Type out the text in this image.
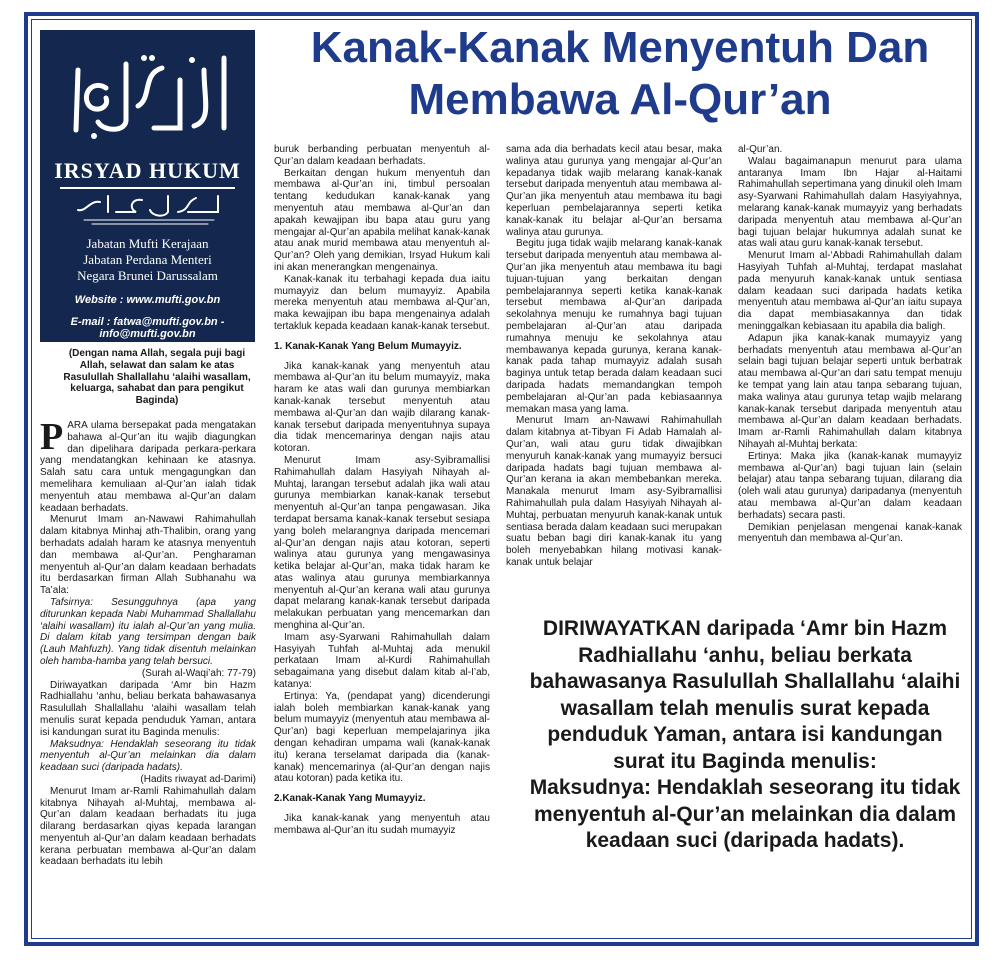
IRSYAD HUKUM
Jabatan Mufti Kerajaan
Jabatan Perdana Menteri
Negara Brunei Darussalam
Website : www.mufti.gov.bn
E-mail : fatwa@mufti.gov.bn - info@mufti.gov.bn
Kanak-Kanak Menyentuh Dan Membawa Al-Qur’an
(Dengan nama Allah, segala puji bagi Allah, selawat dan salam ke atas Rasulullah Shallallahu ‘alaihi wasallam, keluarga, sahabat dan para pengikut Baginda)

PARA ulama bersepakat pada mengatakan bahawa al-Qur’an itu wajib diagungkan dan dipelihara daripada perkara-perkara yang mendatangkan kehinaan ke atasnya. Salah satu cara untuk mengagungkan dan memelihara kemuliaan al-Qur’an ialah tidak menyentuh atau membawa al-Qur’an dalam keadaan berhadats.

Menurut Imam an-Nawawi Rahimahullah dalam kitabnya Minhaj ath-Thalibin, orang yang berhadats adalah haram ke atasnya menyentuh dan membawa al-Qur’an. Pengharaman menyentuh al-Qur’an dalam keadaan berhadats itu berdasarkan firman Allah Subhanahu wa Ta’ala:

Tafsirnya: Sesungguhnya (apa yang diturunkan kepada Nabi Muhammad Shallallahu ‘alaihi wasallam) itu ialah al-Qur’an yang mulia. Di dalam kitab yang tersimpan dengan baik (Lauh Mahfuzh). Yang tidak disentuh melainkan oleh hamba-hamba yang telah bersuci.

(Surah al-Waqi’ah: 77-79)

Diriwayatkan daripada ‘Amr bin Hazm Radhiallahu ‘anhu, beliau berkata bahawasanya Rasulullah Shallallahu ‘alaihi wasallam telah menulis surat kepada penduduk Yaman, antara isi kandungan surat itu Baginda menulis:

Maksudnya: Hendaklah seseorang itu tidak menyentuh al-Qur’an melainkan dia dalam keadaan suci (daripada hadats).

(Hadits riwayat ad-Darimi)

Menurut Imam ar-Ramli Rahimahullah dalam kitabnya Nihayah al-Muhtaj, membawa al-Qur’an dalam keadaan berhadats itu juga dilarang berdasarkan qiyas kepada larangan menyentuh al-Qur’an dalam keadaan berhadats kerana perbuatan membawa al-Qur’an dalam keadaan berhadats itu lebih

buruk berbanding perbuatan menyentuh al-Qur’an dalam keadaan berhadats.

Berkaitan dengan hukum menyentuh dan membawa al-Qur’an ini, timbul persoalan tentang kedudukan kanak-kanak yang menyentuh atau membawa al-Qur’an dan apakah kewajipan ibu bapa atau guru yang mengajar al-Qur’an apabila melihat kanak-kanak atau anak murid membawa atau menyentuh al-Qur’an? Oleh yang demikian, Irsyad Hukum kali ini akan menerangkan mengenainya.

Kanak-kanak itu terbahagi kepada dua iaitu mumayyiz dan belum mumayyiz. Apabila mereka menyentuh atau membawa al-Qur’an, maka kewajipan ibu bapa mengenainya adalah tertakluk kepada keadaan kanak-kanak tersebut.

1. Kanak-Kanak Yang Belum Mumayyiz.

Jika kanak-kanak yang menyentuh atau membawa al-Qur’an itu belum mumayyiz, maka haram ke atas wali dan gurunya membiarkan kanak-kanak tersebut menyentuh atau membawa al-Qur’an dan wajib dilarang kanak-kanak tersebut daripada menyentuhnya supaya dia tidak mencemarinya dengan najis atau kotoran.

Menurut Imam asy-Syibramallisi Rahimahullah dalam Hasyiyah Nihayah al-Muhtaj, larangan tersebut adalah jika wali atau gurunya membiarkan kanak-kanak tersebut menyentuh al-Qur’an tanpa pengawasan. Jika terdapat bersama kanak-kanak tersebut sesiapa yang boleh melarangnya daripada mencemari al-Qur’an dengan najis atau kotoran, seperti walinya atau gurunya yang mengawasinya ketika belajar al-Qur’an, maka tidak haram ke atas walinya atau gurunya membiarkannya menyentuh al-Qur’an kerana wali atau gurunya dapat melarang kanak-kanak tersebut daripada melakukan perbuatan yang mencemarkan dan menghina al-Qur’an.

Imam asy-Syarwani Rahimahullah dalam Hasyiyah Tuhfah al-Muhtaj ada menukil perkataan Imam al-Kurdi Rahimahullah sebagaimana yang disebut dalam kitab al-I’ab, katanya:

Ertinya: Ya, (pendapat yang) dicenderungi ialah boleh membiarkan kanak-kanak yang belum mumayyiz (menyentuh atau membawa al-Qur’an) bagi keperluan mempelajarinya jika dengan kehadiran umpama wali (kanak-kanak itu) kerana terselamat daripada dia (kanak-kanak) mencemarinya (al-Qur’an dengan najis atau kotoran) pada ketika itu.

2.Kanak-Kanak Yang Mumayyiz.

Jika kanak-kanak yang menyentuh atau membawa al-Qur’an itu sudah mumayyiz

sama ada dia berhadats kecil atau besar, maka walinya atau gurunya yang mengajar al-Qur’an kepadanya tidak wajib melarang kanak-kanak tersebut daripada menyentuh atau membawa al-Qur’an jika menyentuh atau membawa itu bagi keperluan pembelajarannya seperti ketika kanak-kanak itu belajar al-Qur’an bersama walinya atau gurunya.

Begitu juga tidak wajib melarang kanak-kanak tersebut daripada menyentuh atau membawa al-Qur’an jika menyentuh atau membawa itu bagi tujuan-tujuan yang berkaitan dengan pembelajarannya seperti ketika kanak-kanak tersebut membawa al-Qur’an daripada sekolahnya menuju ke rumahnya bagi tujuan pembelajaran al-Qur’an atau daripada rumahnya menuju ke sekolahnya atau membawanya kepada gurunya, kerana kanak-kanak pada tahap mumayyiz adalah susah baginya untuk tetap berada dalam keadaan suci daripada hadats memandangkan tempoh pembelajaran al-Qur’an pada kebiasaannya memakan masa yang lama.

Menurut Imam an-Nawawi Rahimahullah dalam kitabnya at-Tibyan Fi Adab Hamalah al-Qur’an, wali atau guru tidak diwajibkan menyuruh kanak-kanak yang mumayyiz bersuci daripada hadats bagi tujuan membawa al-Qur’an kerana ia akan membebankan mereka. Manakala menurut Imam asy-Syibramallisi Rahimahullah pula dalam Hasyiyah Nihayah al-Muhtaj, perbuatan menyuruh kanak-kanak untuk sentiasa berada dalam keadaan suci merupakan suatu beban bagi diri kanak-kanak itu yang boleh menyebabkan hilang motivasi kanak-kanak untuk belajar

al-Qur’an.

Walau bagaimanapun menurut para ulama antaranya Imam Ibn Hajar al-Haitami Rahimahullah sepertimana yang dinukil oleh Imam asy-Syarwani Rahimahullah dalam Hasyiyahnya, melarang kanak-kanak mumayyiz yang berhadats daripada menyentuh atau membawa al-Qur’an bagi tujuan belajar hukumnya adalah sunat ke atas wali atau guru kanak-kanak tersebut.

Menurut Imam al-‘Abbadi Rahimahullah dalam Hasyiyah Tuhfah al-Muhtaj, terdapat maslahat pada menyuruh kanak-kanak untuk sentiasa dalam keadaan suci daripada hadats ketika menyentuh atau membawa al-Qur’an iaitu supaya dia dapat membiasakannya dan tidak meninggalkan kebiasaan itu apabila dia baligh.

Adapun jika kanak-kanak mumayyiz yang berhadats menyentuh atau membawa al-Qur’an selain bagi tujuan belajar seperti untuk berbatrak atau membawa al-Qur’an dari satu tempat menuju ke tempat yang lain atau tanpa sebarang tujuan, maka walinya atau gurunya tetap wajib melarang kanak-kanak tersebut daripada menyentuh atau membawa al-Qur’an dalam keadaan berhadats. Imam ar-Ramli Rahimahullah dalam kitabnya Nihayah al-Muhtaj berkata:

Ertinya: Maka jika (kanak-kanak mumayyiz membawa al-Qur’an) bagi tujuan lain (selain belajar) atau tanpa sebarang tujuan, dilarang dia (oleh wali atau gurunya) daripadanya (menyentuh atau membawa al-Qur’an dalam keadaan berhadats) secara pasti.

Demikian penjelasan mengenai kanak-kanak menyentuh dan membawa al-Qur’an.

DIRIWAYATKAN daripada ‘Amr bin Hazm Radhiallahu ‘anhu, beliau berkata bahawasanya Rasulullah Shallallahu ‘alaihi wasallam telah menulis surat kepada penduduk Yaman, antara isi kandungan surat itu Baginda menulis:
Maksudnya: Hendaklah seseorang itu tidak menyentuh al-Qur’an melainkan dia dalam keadaan suci (daripada hadats).
